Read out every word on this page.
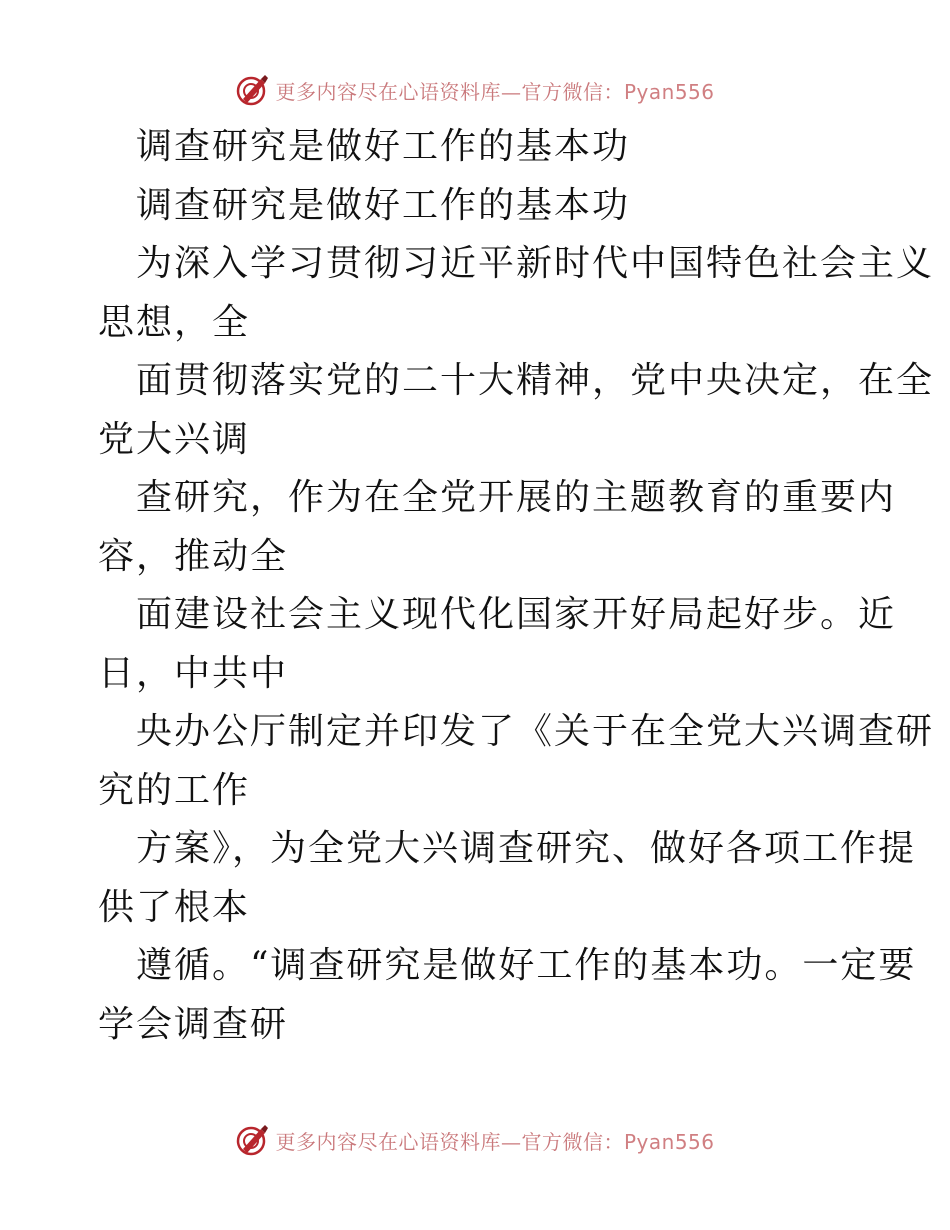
更多内容尽在心语资料库—官方微信：Pyan556
调查研究是做好工作的基本功
调查研究是做好工作的基本功
为深入学习贯彻习近平新时代中国特色社会主义
思想，全
面贯彻落实党的二十大精神，党中央决定，在全
党大兴调
查研究，作为在全党开展的主题教育的重要内
容，推动全
面建设社会主义现代化国家开好局起好步。近
日，中共中
央办公厅制定并印发了《关于在全党大兴调查研
究的工作
方案》，为全党大兴调查研究、做好各项工作提
供了根本
遵循。“调查研究是做好工作的基本功。一定要
学会调查研
更多内容尽在心语资料库—官方微信：Pyan556
